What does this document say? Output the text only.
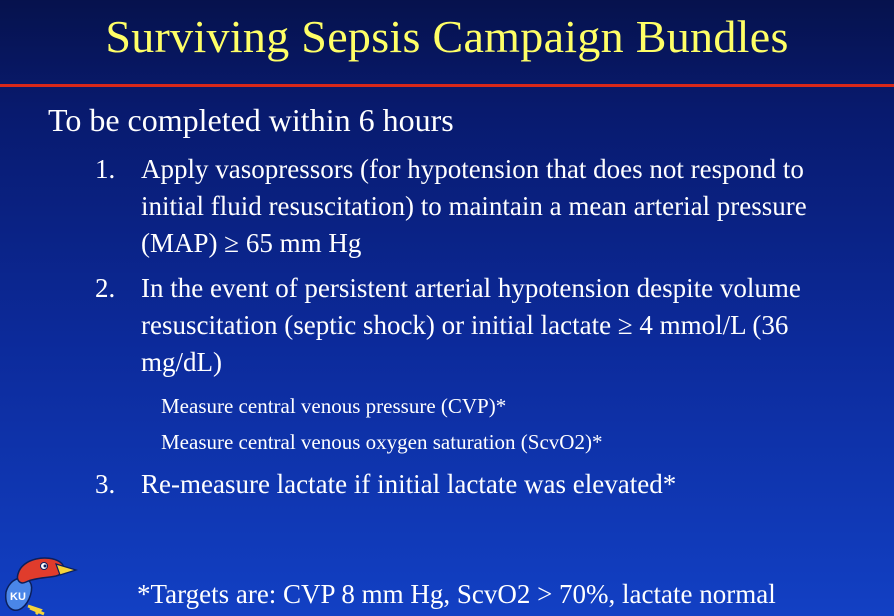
Surviving Sepsis Campaign Bundles
To be completed within 6 hours
1. Apply vasopressors (for hypotension that does not respond to initial fluid resuscitation) to maintain a mean arterial pressure (MAP) ≥ 65 mm Hg
2. In the event of persistent arterial hypotension despite volume resuscitation (septic shock) or initial lactate ≥ 4 mmol/L (36 mg/dL)
Measure central venous pressure (CVP)*
Measure central venous oxygen saturation (ScvO2)*
3. Re-measure lactate if initial lactate was elevated*
KU	*Targets are: CVP 8 mm Hg, ScvO2 > 70%, lactate normal
